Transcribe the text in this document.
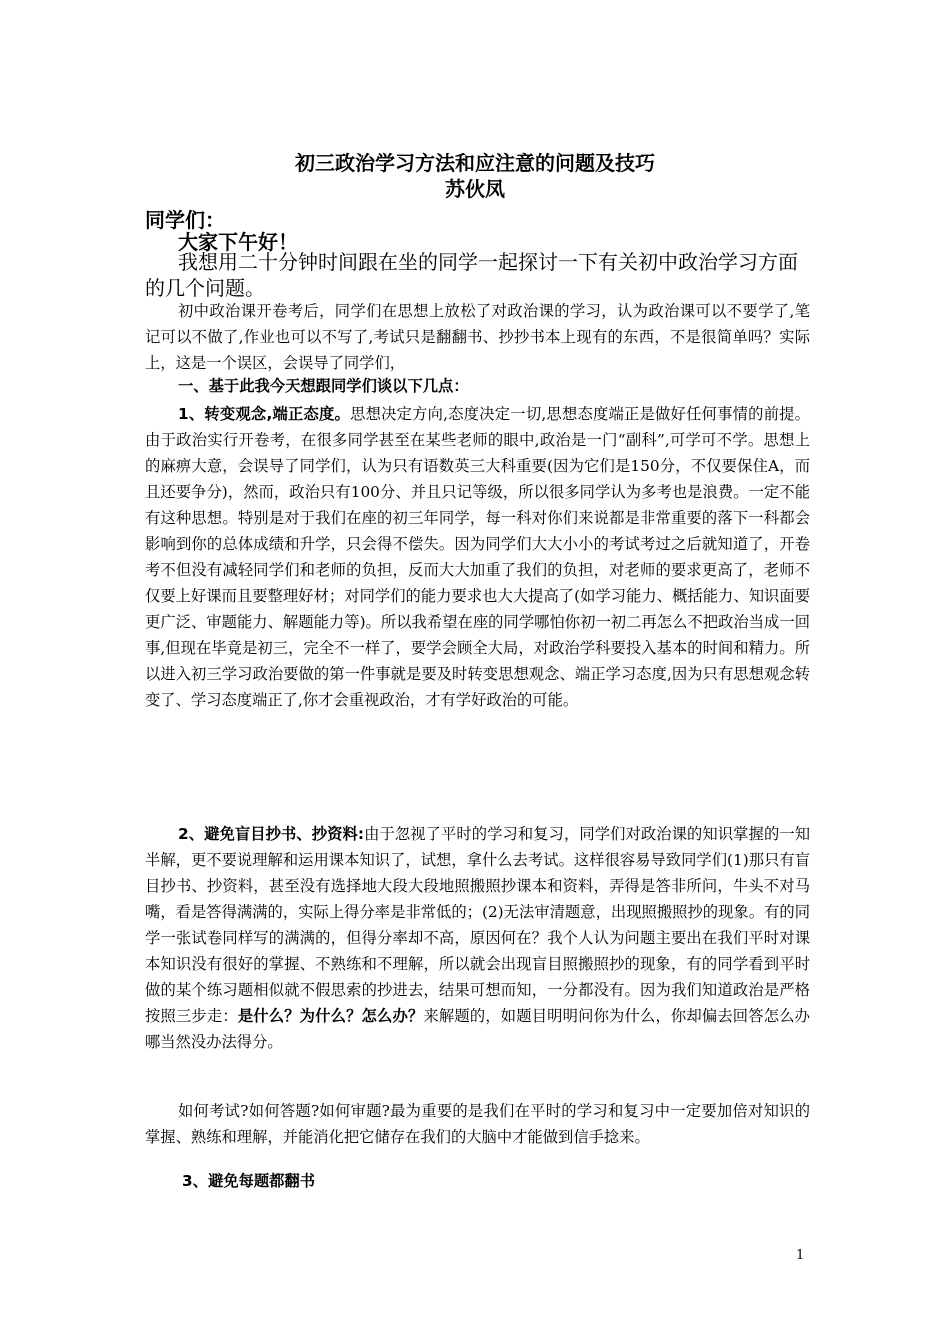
初三政治学习方法和应注意的问题及技巧
苏伙凤
同学们：
大家下午好！
我想用二十分钟时间跟在坐的同学一起探讨一下有关初中政治学习方面的几个问题。
初中政治课开卷考后，同学们在思想上放松了对政治课的学习，认为政治课可以不要学了,笔记可以不做了,作业也可以不写了,考试只是翻翻书、抄抄书本上现有的东西，不是很简单吗？实际上，这是一个误区，会误导了同学们，
一、基于此我今天想跟同学们谈以下几点：
1、转变观念,端正态度。思想决定方向,态度决定一切,思想态度端正是做好任何事情的前提。由于政治实行开卷考，在很多同学甚至在某些老师的眼中,政治是一门“副科”,可学可不学。思想上的麻痹大意，会误导了同学们，认为只有语数英三大科重要(因为它们是150分，不仅要保住A，而且还要争分)，然而，政治只有100分、并且只记等级，所以很多同学认为多考也是浪费。一定不能有这种思想。特别是对于我们在座的初三年同学，每一科对你们来说都是非常重要的落下一科都会影响到你的总体成绩和升学，只会得不偿失。因为同学们大大小小的考试考过之后就知道了，开卷考不但没有减轻同学们和老师的负担，反而大大加重了我们的负担，对老师的要求更高了，老师不仅要上好课而且要整理好材；对同学们的能力要求也大大提高了(如学习能力、概括能力、知识面要更广泛、审题能力、解题能力等)。所以我希望在座的同学哪怕你初一初二再怎么不把政治当成一回事,但现在毕竟是初三，完全不一样了，要学会顾全大局，对政治学科要投入基本的时间和精力。所以进入初三学习政治要做的第一件事就是要及时转变思想观念、端正学习态度,因为只有思想观念转变了、学习态度端正了,你才会重视政治，才有学好政治的可能。
2、避免盲目抄书、抄资料:由于忽视了平时的学习和复习，同学们对政治课的知识掌握的一知半解，更不要说理解和运用课本知识了，试想，拿什么去考试。这样很容易导致同学们(1)那只有盲目抄书、抄资料，甚至没有选择地大段大段地照搬照抄课本和资料，弄得是答非所问，牛头不对马嘴，看是答得满满的，实际上得分率是非常低的；(2)无法审清题意，出现照搬照抄的现象。有的同学一张试卷同样写的满满的，但得分率却不高，原因何在？我个人认为问题主要出在我们平时对课本知识没有很好的掌握、不熟练和不理解，所以就会出现盲目照搬照抄的现象，有的同学看到平时做的某个练习题相似就不假思索的抄进去，结果可想而知，一分都没有。因为我们知道政治是严格按照三步走：是什么？为什么？怎么办？来解题的，如题目明明问你为什么，你却偏去回答怎么办哪当然没办法得分。
如何考试?如何答题?如何审题?最为重要的是我们在平时的学习和复习中一定要加倍对知识的掌握、熟练和理解，并能消化把它储存在我们的大脑中才能做到信手捻来。
3、避免每题都翻书
1
